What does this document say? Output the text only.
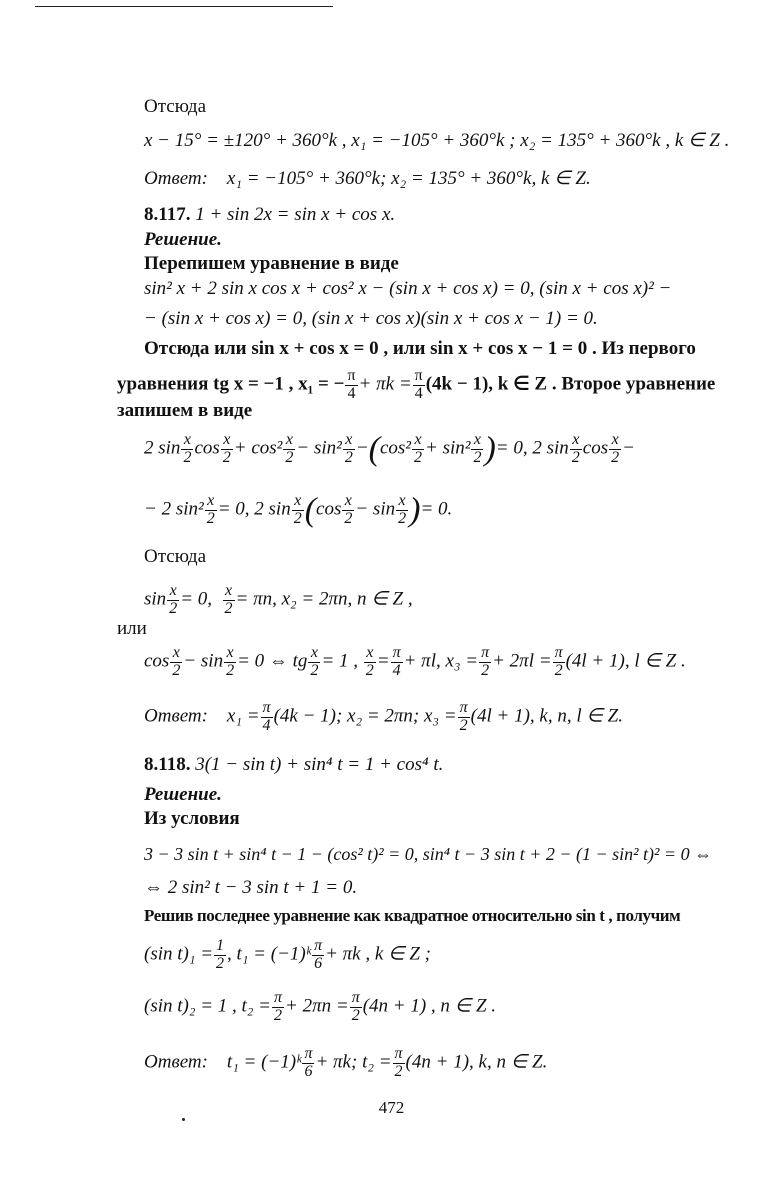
Отсюда
x − 15° = ±120° + 360°k , x₁ = −105° + 360°k ; x₂ = 135° + 360°k , k ∈ Z .
Ответ: x₁ = −105° + 360°k; x₂ = 135° + 360°k, k ∈ Z.
8.117. 1 + sin 2x = sin x + cos x.
Решение.
Перепишем уравнение в виде
sin² x + 2 sin x cos x + cos² x − (sin x + cos x) = 0, (sin x + cos x)² −
− (sin x + cos x) = 0, (sin x + cos x)(sin x + cos x − 1) = 0.
Отсюда или sin x + cos x = 0 , или sin x + cos x − 1 = 0 . Из первого
уравнения tg x = −1 , x₁ = − $\frac{\pi}{4} + \pi k = \frac{\pi}{4} (4k - 1)$, k ∈ Z . Второе уравнение
запишем в виде
2 $\sin \frac{x}{2}$ $\cos \frac{x}{2} + \cos^2 \frac{x}{2} - \sin^2 \frac{x}{2} -(\cos^2 \frac{x}{2} + \sin^2 \frac{x}{2}$ )= 0, 2 $\sin \frac{x}{2}$ $\cos \frac{x}{2}$ −
− 2 $\sin^2 \frac{x}{2} = 0$, 2 $\sin \frac{x}{2} (\cos \frac{x}{2} - \sin \frac{x}{2}$ )= 0.
Отсюда
$\sin \frac{x}{2} = 0$, $\frac{x}{2} = \pi n$, x₂ = 2πn, n ∈ Z ,
или
$\cos \frac{x}{2} - \sin \frac{x}{2} = 0$ ⇔ tg $\frac{x}{2} = 1$ , $\frac{x}{2} = \frac{\pi}{4} + \pi l$, $x_3 = \frac{\pi}{2} + 2\pi l = \frac{\pi}{2} (4l + 1)$, l ∈ Z .
Ответ: $x_1 = \frac{\pi}{4} (4k - 1)$; x₂ = 2πn; $x_3 = \frac{\pi}{2} (4l + 1)$, k, n, l ∈ Z.
8.118. 3(1 − sin t) + sin⁴ t = 1 + cos⁴ t.
Решение.
Из условия
3 − 3 sin t + sin⁴ t − 1 − (cos² t)² = 0, sin⁴ t − 3 sin t + 2 − (1 − sin² t)² = 0 ⇔
⇔ 2 sin² t − 3 sin t + 1 = 0.
Решив последнее уравнение как квадратное относительно sin t , получим
(sin $t)_1 = \frac{1}{2}$ , t₁ = (−1)ᵏ $\frac{\pi}{6} + \pi k$ , k ∈ Z ;
(sin t)₂ = 1 , $t_2 = \frac{\pi}{2} + 2\pi n = \frac{\pi}{2} (4n + 1)$ , n ∈ Z .
Ответ: t₁ = (−1)ᵏ $\frac{\pi}{6} + \pi k$; $t_2 = \frac{\pi}{2} (4n + 1)$, k, n ∈ Z.
472
